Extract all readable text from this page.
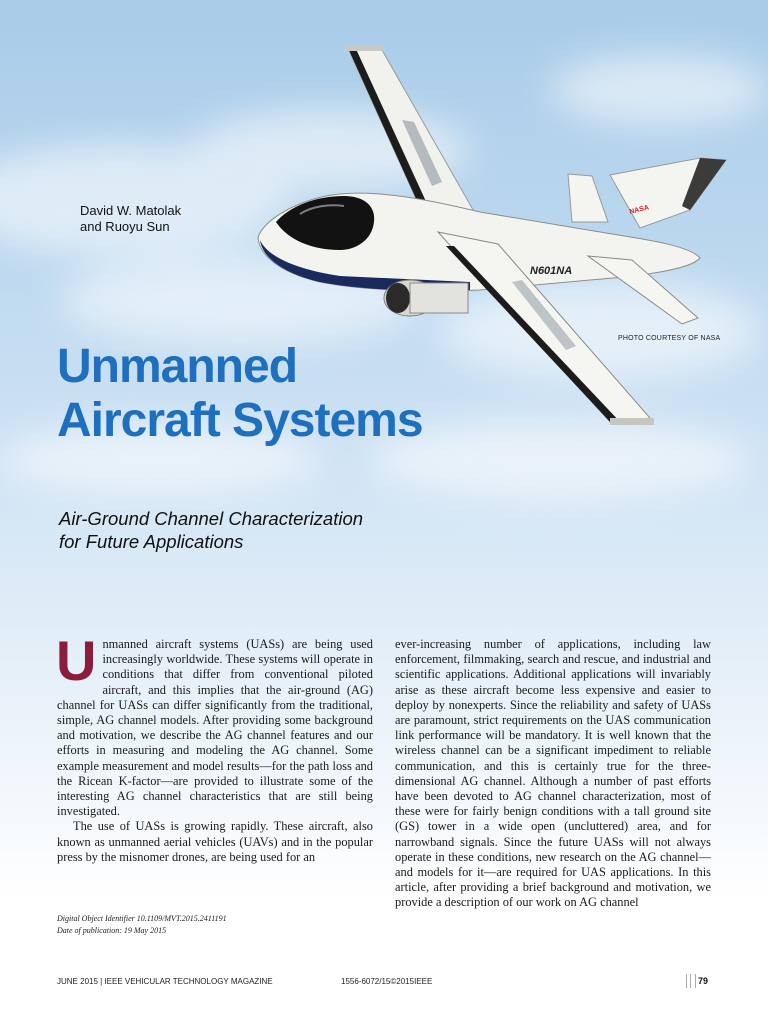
N601NA
NASA
David W. Matolak
and Ruoyu Sun
PHOTO COURTESY OF NASA
Unmanned
Aircraft Systems
Air-Ground Channel Characterization
for Future Applications

Unmanned aircraft systems (UASs) are being used increasingly worldwide. These systems will operate in conditions that differ from conventional piloted aircraft, and this implies that the air-ground (AG) channel for UASs can differ significantly from the traditional, simple, AG channel models. After providing some background and motivation, we describe the AG channel features and our efforts in measuring and modeling the AG channel. Some example measurement and model results—for the path loss and the Ricean K-factor—are provided to illustrate some of the interesting AG channel characteristics that are still being investigated.

The use of UASs is growing rapidly. These aircraft, also known as unmanned aerial vehicles (UAVs) and in the popular press by the misnomer drones, are being used for an

ever-increasing number of applications, including law enforcement, filmmaking, search and rescue, and industrial and scientific applications. Additional applications will invariably arise as these aircraft become less expensive and easier to deploy by nonexperts. Since the reliability and safety of UASs are paramount, strict requirements on the UAS communication link performance will be mandatory. It is well known that the wireless channel can be a significant impediment to reliable communication, and this is certainly true for the three-dimensional AG channel. Although a number of past efforts have been devoted to AG channel characterization, most of these were for fairly benign conditions with a tall ground site (GS) tower in a wide open (uncluttered) area, and for narrowband signals. Since the future UASs will not always operate in these conditions, new research on the AG channel—and models for it—are required for UAS applications. In this article, after providing a brief background and motivation, we provide a description of our work on AG channel

Digital Object Identifier 10.1109/MVT.2015.2411191
Date of publication: 19 May 2015
JUNE 2015 | IEEE VEHICULAR TECHNOLOGY MAGAZINE	1556-6072/15©2015IEEE	79
